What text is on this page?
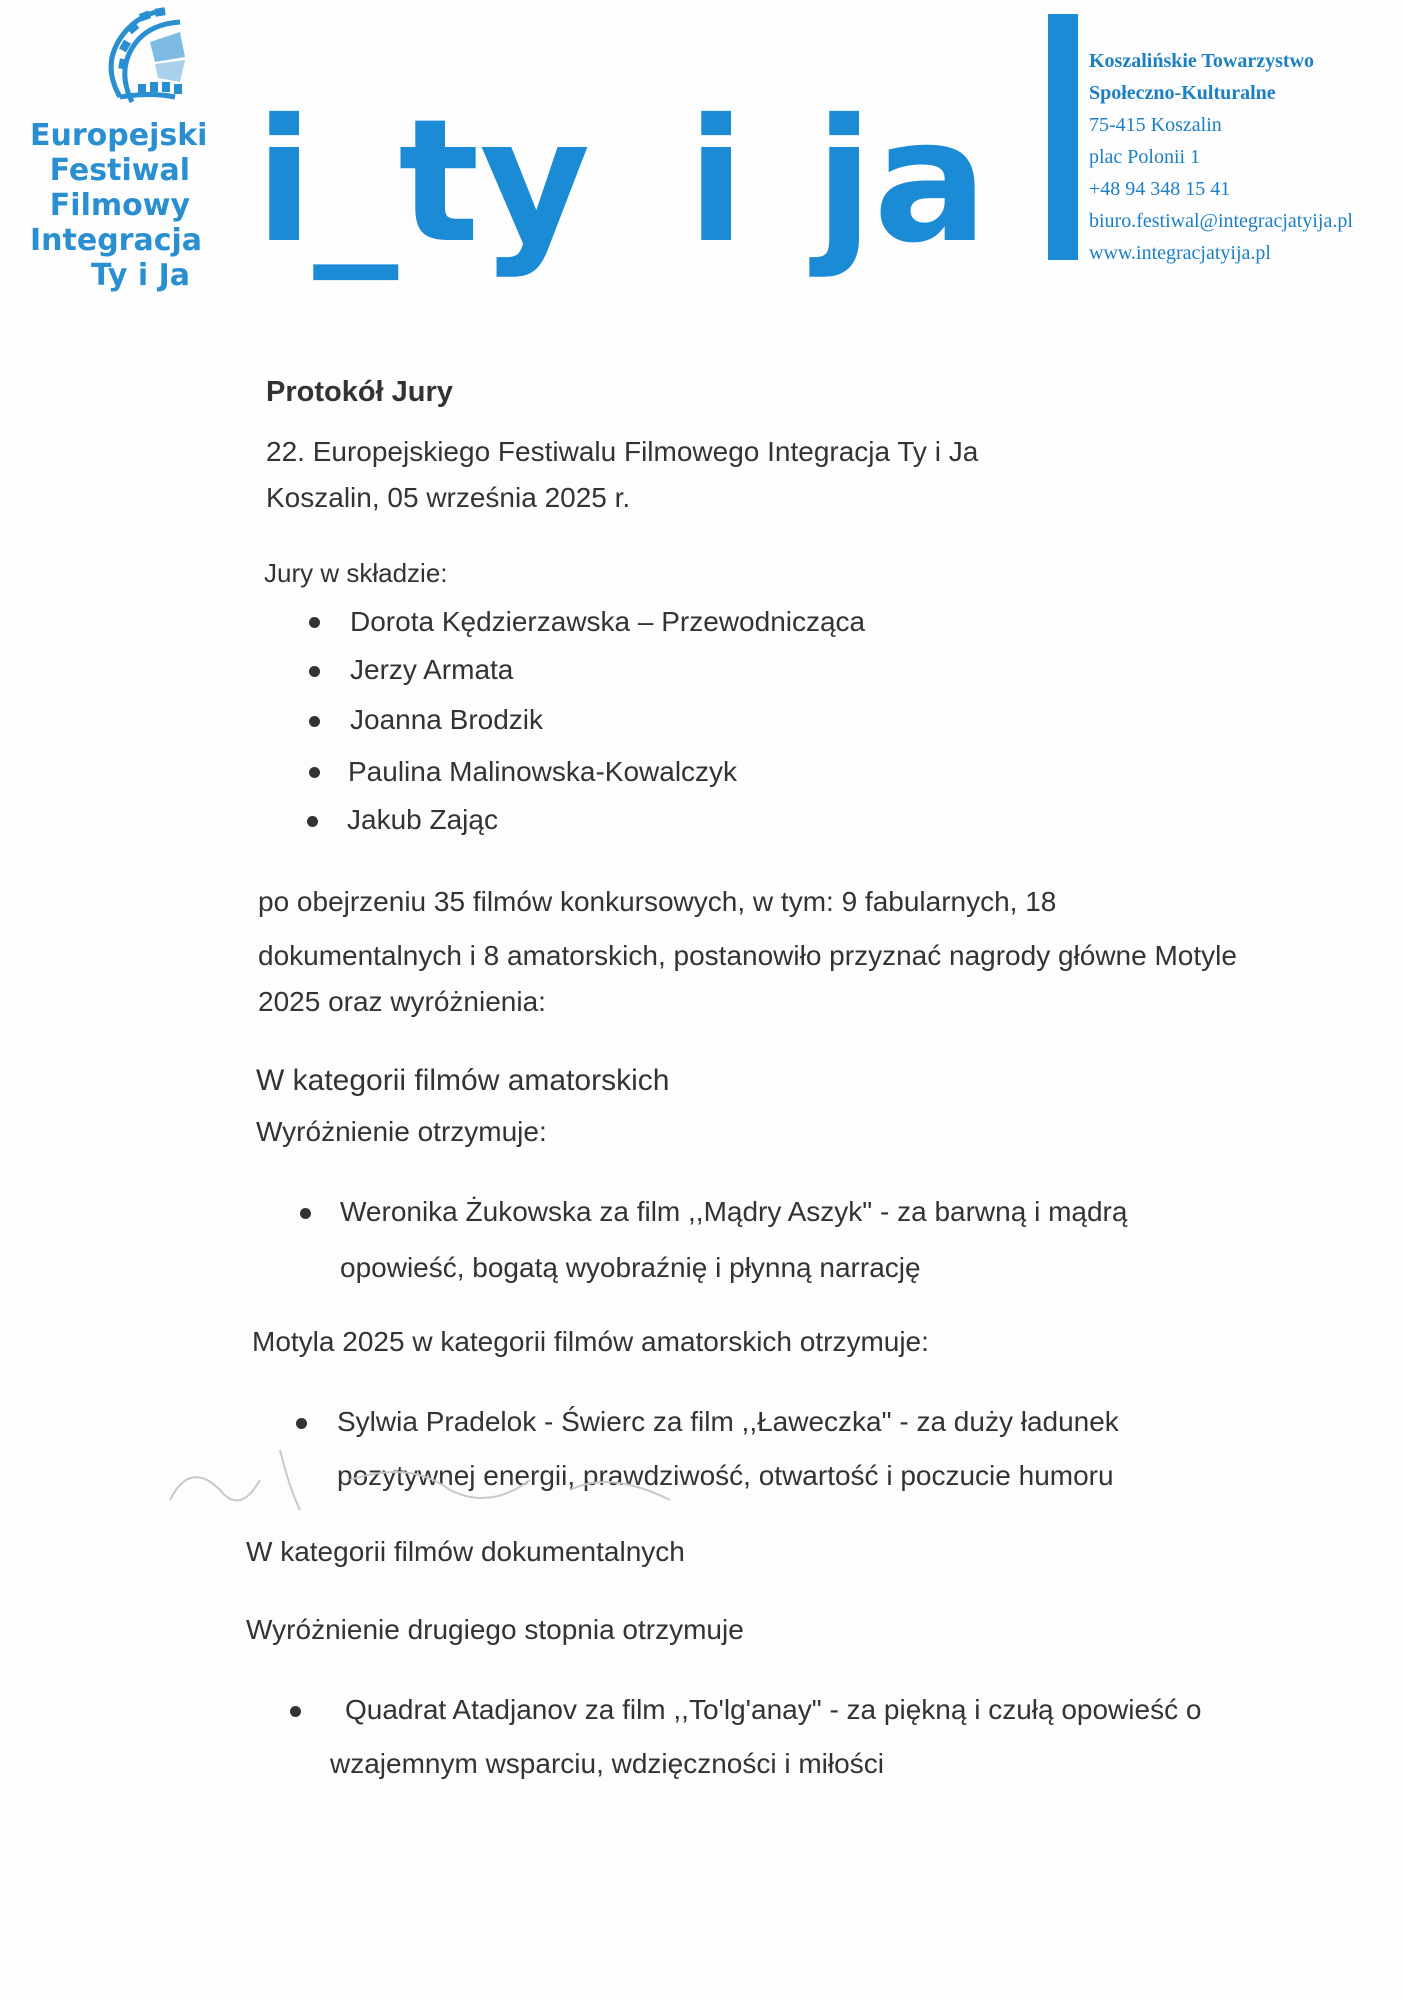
Europejski
Festiwal
Filmowy
Integracja
Ty i Ja i_ty i ja
Koszalińskie Towarzystwo
Społeczno-Kulturalne
75-415 Koszalin
plac Polonii 1
+48 94 348 15 41
biuro.festiwal@integracjatyija.pl
www.integracjatyija.pl
Protokół Jury
22. Europejskiego Festiwalu Filmowego Integracja Ty i Ja
Koszalin, 05 września 2025 r.
Jury w składzie:
Dorota Kędzierzawska – Przewodnicząca
Jerzy Armata
Joanna Brodzik
Paulina Malinowska-Kowalczyk
Jakub Zając
po obejrzeniu 35 filmów konkursowych, w tym: 9 fabularnych, 18
dokumentalnych i 8 amatorskich, postanowiło przyznać nagrody główne Motyle
2025 oraz wyróżnienia:
W kategorii filmów amatorskich
Wyróżnienie otrzymuje:
Weronika Żukowska za film ,,Mądry Aszyk" - za barwną i mądrą
opowieść, bogatą wyobraźnię i płynną narrację
Motyla 2025 w kategorii filmów amatorskich otrzymuje:
Sylwia Pradelok - Świerc za film ,,Ławeczka" - za duży ładunek
pozytywnej energii, prawdziwość, otwartość i poczucie humoru
W kategorii filmów dokumentalnych
Wyróżnienie drugiego stopnia otrzymuje
Quadrat Atadjanov za film ,,To'lg'anay" - za piękną i czułą opowieść o
wzajemnym wsparciu, wdzięczności i miłości
